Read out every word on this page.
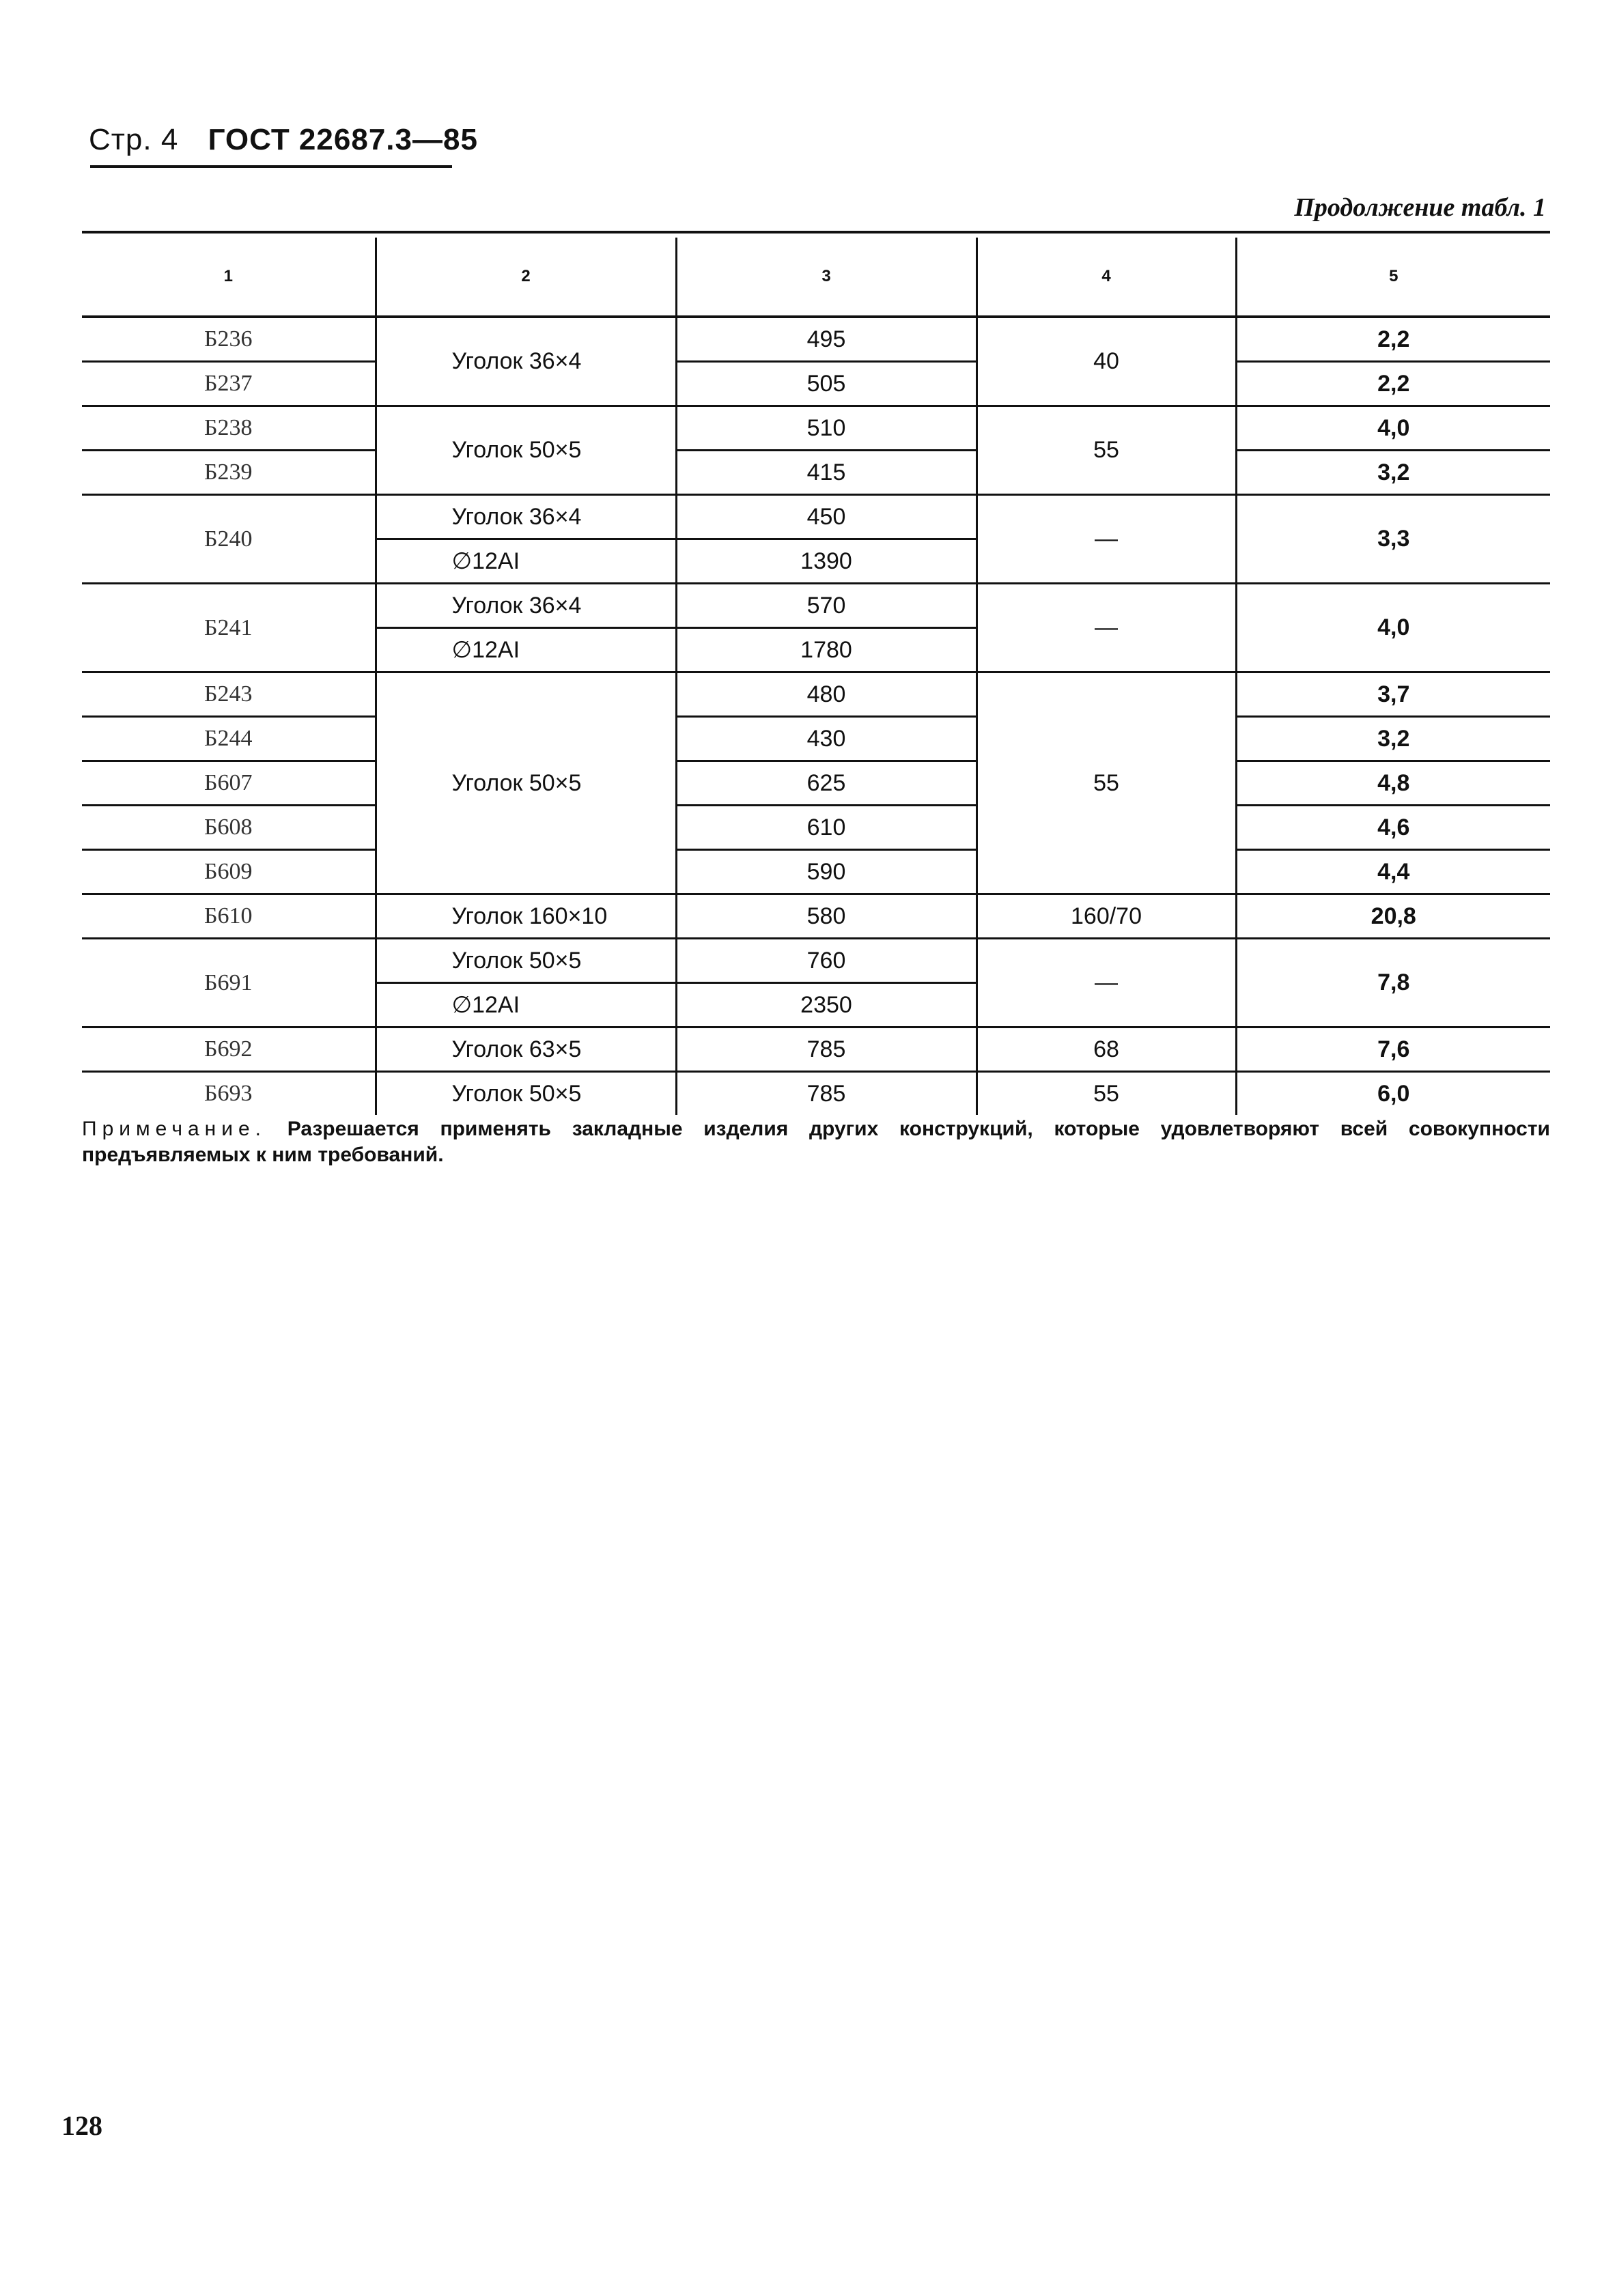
Стр. 4 ГОСТ 22687.3—85
Продолжение табл. 1
1	2	3	4	5
Б236	Уголок 36×4	495	40	2,2
Б237		505		2,2
Б238	Уголок 50×5	510	55	4,0
Б239		415		3,2
Б240	Уголок 36×4	450	—	3,3
	∅12АI	1390		
Б241	Уголок 36×4	570	—	4,0
	∅12АI	1780		
Б243	Уголок 50×5	480	55	3,7
Б244		430		3,2
Б607		625		4,8
Б608		610		4,6
Б609		590		4,4
Б610	Уголок 160×10	580	160/70	20,8
Б691	Уголок 50×5	760	—	7,8
	∅12АI	2350		
Б692	Уголок 63×5	785	68	7,6
Б693	Уголок 50×5	785	55	6,0
Примечание. Разрешается применять закладные изделия других конструкций, которые удовлетворяют всей совокупности предъявляемых к ним требований.
128
